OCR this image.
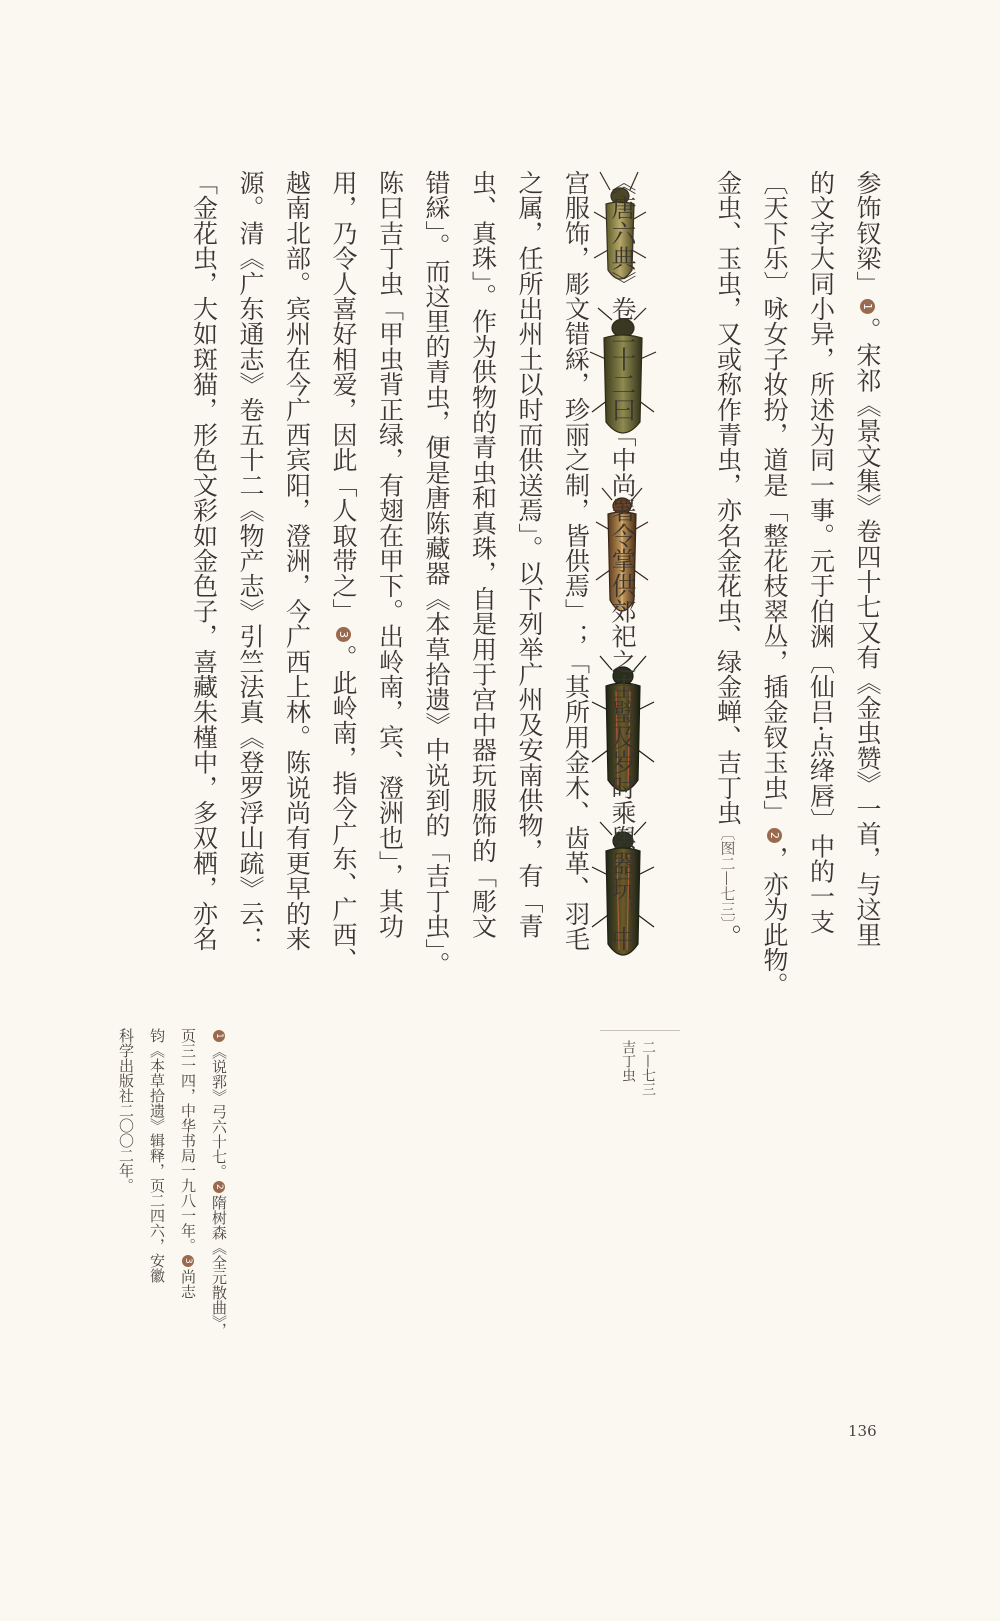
参饰钗梁」1。宋祁《景文集》卷四十七又有《金虫赞》一首，与这里
的文字大同小异，所述为同一事。元于伯渊〔仙吕·点绛唇〕中的一支
〔天下乐〕咏女子妆扮，道是「整花枝翠丛，插金钗玉虫」2，亦为此物。
金虫、玉虫，又或称作青虫，亦名金花虫、绿金蝉、吉丁虫〔图二—七三〕。
《唐六典》卷二十二曰「中尚署令掌供郊祀之圭璧及岁时乘舆器玩，中
宫服饰，彫文错綵，珍丽之制，皆供焉」；「其所用金木、齿革、羽毛
之属，任所出州土以时而供送焉」。以下列举广州及安南供物，有「青
虫、真珠」。作为供物的青虫和真珠，自是用于宫中器玩服饰的「彫文
错綵」。而这里的青虫，便是唐陈藏器《本草拾遗》中说到的「吉丁虫」。
陈曰吉丁虫「甲虫背正绿，有翅在甲下。出岭南，宾、澄洲也」，其功
用，乃令人喜好相爱，因此「人取带之」3。此岭南，指今广东、广西、
越南北部。宾州在今广西宾阳，澄洲，今广西上林。陈说尚有更早的来
源。清《广东通志》卷五十二《物产志》引竺法真《登罗浮山疏》云：
「金花虫，大如斑猫，形色文彩如金色子，喜藏朱槿中，多双栖，亦名
二—七三
吉丁虫
1《说郛》弓六十七。2隋树森《全元散曲》，
页三一四，中华书局一九八一年。3尚志
钧《本草拾遗》辑释，页二四六，安徽
科学出版社二〇〇二年。
136
